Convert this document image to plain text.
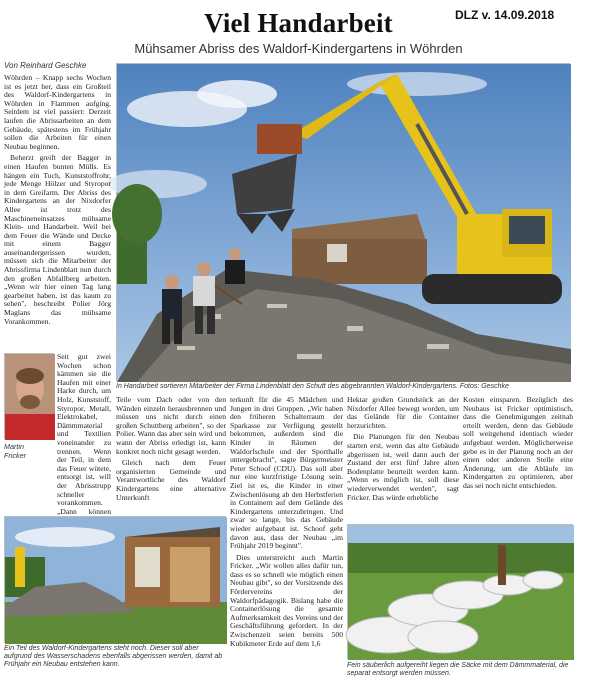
Viel Handarbeit	DLZ v. 14.09.2018
Mühsamer Abriss des Waldorf-Kindergartens in Wöhrden
Von Reinhard Geschke
In Handarbeit sortieren Mitarbeiter der Firma Lindenblatt den Schutt des abgebrannten Waldorf-Kindergartens. Fotos: Geschke

Wöhrden – Knapp sechs Wochen ist es jetzt her, dass ein Großteil des Waldorf-Kindergartens in Wöhrden in Flammen aufging. Seitdem ist viel passiert: Derzeit laufen die Abrissarbeiten an dem Gebäude, spätestens im Frühjahr sollen die Arbeiten für einen Neubau beginnen.

Beherzt greift der Bagger in einen Haufen bunten Mülls. Es hängen ein Tuch, Kunststoffrohr, jede Menge Hölzer und Styropor in dem Greifarm. Der Abriss des Kindergartens an der Nixdorfer Allee ist trotz des Maschineneinsatzes mühsame Klein- und Handarbeit. Weil bei dem Feuer die Wände und Decke mit einem Bagger auseinandergerissen wurden, müssen sich die Mitarbeiter der Abrissfirma Lindenblatt nun durch den großen Abfallberg arbeiten. „Wenn wir hier einen Tag lang gearbeitet haben, ist das kaum zu sehen", beschreibt Polier Jörg Maglans das mühsame Vorankommen.

Martin
Fricker

Seit gut zwei Wochen schon kämmen sie die Haufen mit einer Harke durch, um Holz, Kunststoff, Styropor, Metall, Elektrokabel, Dämmmaterial und Textilien voneinander zu trennen. Wenn der Teil, in dem das Feuer wütete, entsorgt ist, will der Abrisstrupp schneller vorankommen. „Dann können

Teile vom Dach oder von den Wänden einzeln herausbrennen und müssen uns nicht durch einen großen Schuttberg arbeiten", so der Polier. Wann das aber sein wird und wann der Abriss erledigt ist, kann konkret noch nicht gesagt werden.

Gleich nach dem Feuer organisierten Gemeinde und Verantwortliche des Waldorf Kindergartens eine alternative Unterkunft

terkunft für die 45 Mädchen und Jungen in drei Gruppen. „Wir haben den früheren Schalterraum der Sparkasse zur Verfügung gestellt bekommen, außerdem sind die Kinder in Räumen der Waldorfschule und der Sporthalle untergebracht", sagte Bürgermeister Peter Schoof (CDU). Das soll aber nur eine kurzfristige Lösung sein. Ziel ist es, die Kinder in einer Zwischenlösung ab den Herbstferien in Containern auf dem Gelände des Kindergartens unterzubringen. Und zwar so lange, bis das Gebäude wieder aufgebaut ist. Schoof geht davon aus, dass der Neubau „im Frühjahr 2019 beginnt".

Dies unterstreicht auch Martin Fricker. „Wir wollen alles dafür tun, dass es so schnell wie möglich einen Neubau gibt", so der Vorsitzende des Fördervereins der Waldorfpädagogik. Bislang habe die Containerlösung die gesamte Aufmerksamkeit des Vereins und der Geschäftsführung gefordert. In der Zwischenzeit seien bereits 500 Kubikmeter Erde auf dem 1,6

Hektar großen Grundstück an der Nixdorfer Allee bewegt worden, um das Gelände für die Container herzurichten.

Die Planungen für den Neubau starten erst, wenn das alte Gebäude abgerissen ist, weil dann auch der Zustand der erst fünf Jahre alten Bodenplatte beurteilt werden kann. „Wenn es möglich ist, soll diese wiederverwendet werden", sagt Fricker. Das würde erhebliche

Kosten einsparen. Bezüglich des Neubaus ist Fricker optimistisch, dass die Genehmigungen zeitnah erteilt werden, denn das Gebäude soll weitgehend identisch wieder aufgebaut werden. Möglicherweise gebe es in der Planung noch an der einen oder anderen Stelle eine Änderung, um die Abläufe im Kindergarten zu optimieren, aber das sei noch nicht entschieden.

Ein Teil des Waldorf-Kindergartens steht noch. Dieser soll aber aufgrund des Wasserschadens ebenfalls abgerissen werden, damit ab Frühjahr ein Neubau entstehen kann.	Fein säuberlich aufgereiht liegen die Säcke mit dem Dämmmaterial, die separat entsorgt werden müssen.
